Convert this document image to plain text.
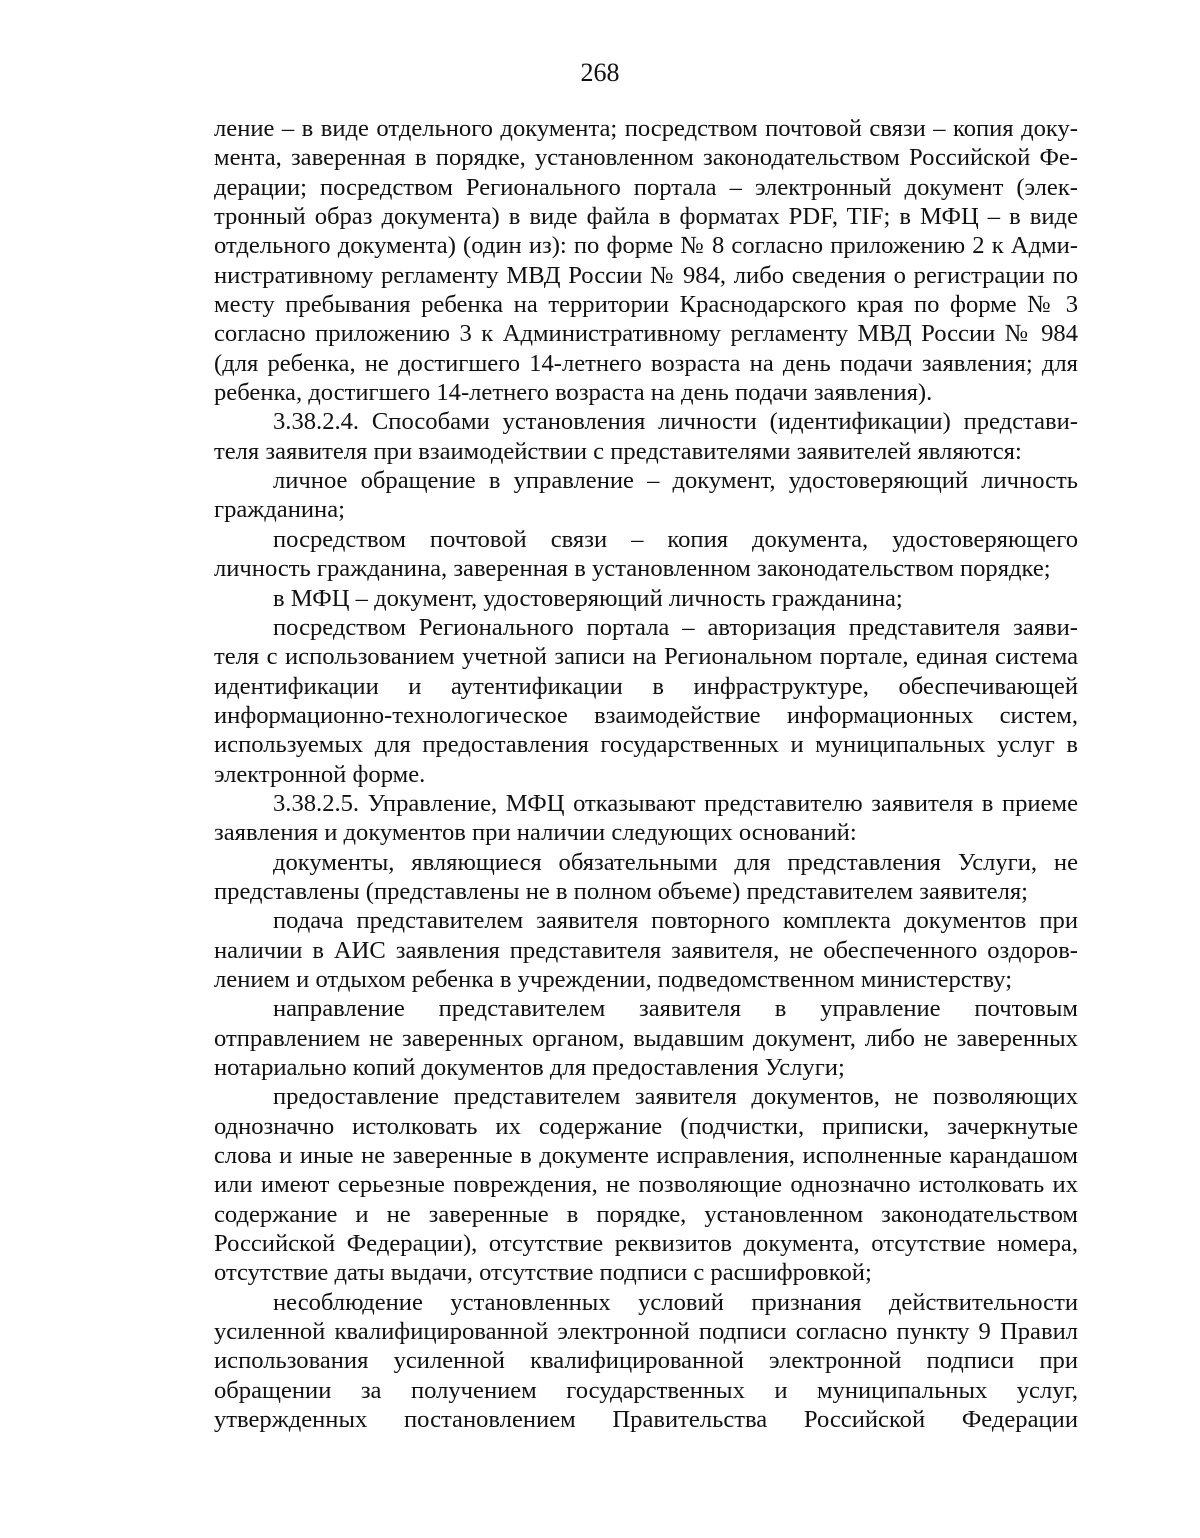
268
ление – в виде отдельного документа; посредством почтовой связи – копия доку-
мента, заверенная в порядке, установленном законодательством Российской Фе-
дерации; посредством Регионального портала – электронный документ (элек-
тронный образ документа) в виде файла в форматах PDF, TIF; в МФЦ – в виде
отдельного документа) (один из): по форме № 8 согласно приложению 2 к Адми-
нистративному регламенту МВД России № 984, либо сведения о регистрации по
месту пребывания ребенка на территории Краснодарского края по форме № 3
согласно приложению 3 к Административному регламенту МВД России № 984
(для ребенка, не достигшего 14-летнего возраста на день подачи заявления; для
ребенка, достигшего 14-летнего возраста на день подачи заявления).
3.38.2.4. Способами установления личности (идентификации) представи-
теля заявителя при взаимодействии с представителями заявителей являются:
личное обращение в управление – документ, удостоверяющий личность
гражданина;
посредством почтовой связи – копия документа, удостоверяющего
личность гражданина, заверенная в установленном законодательством порядке;
в МФЦ – документ, удостоверяющий личность гражданина;
посредством Регионального портала – авторизация представителя заяви-
теля с использованием учетной записи на Региональном портале, единая система
идентификации и аутентификации в инфраструктуре, обеспечивающей
информационно-технологическое взаимодействие информационных систем,
используемых для предоставления государственных и муниципальных услуг в
электронной форме.
3.38.2.5. Управление, МФЦ отказывают представителю заявителя в приеме
заявления и документов при наличии следующих оснований:
документы, являющиеся обязательными для представления Услуги, не
представлены (представлены не в полном объеме) представителем заявителя;
подача представителем заявителя повторного комплекта документов при
наличии в АИС заявления представителя заявителя, не обеспеченного оздоров-
лением и отдыхом ребенка в учреждении, подведомственном министерству;
направление представителем заявителя в управление почтовым
отправлением не заверенных органом, выдавшим документ, либо не заверенных
нотариально копий документов для предоставления Услуги;
предоставление представителем заявителя документов, не позволяющих
однозначно истолковать их содержание (подчистки, приписки, зачеркнутые
слова и иные не заверенные в документе исправления, исполненные карандашом
или имеют серьезные повреждения, не позволяющие однозначно истолковать их
содержание и не заверенные в порядке, установленном законодательством
Российской Федерации), отсутствие реквизитов документа, отсутствие номера,
отсутствие даты выдачи, отсутствие подписи с расшифровкой;
несоблюдение установленных условий признания действительности
усиленной квалифицированной электронной подписи согласно пункту 9 Правил
использования усиленной квалифицированной электронной подписи при
обращении за получением государственных и муниципальных услуг,
утвержденных постановлением Правительства Российской Федерации
